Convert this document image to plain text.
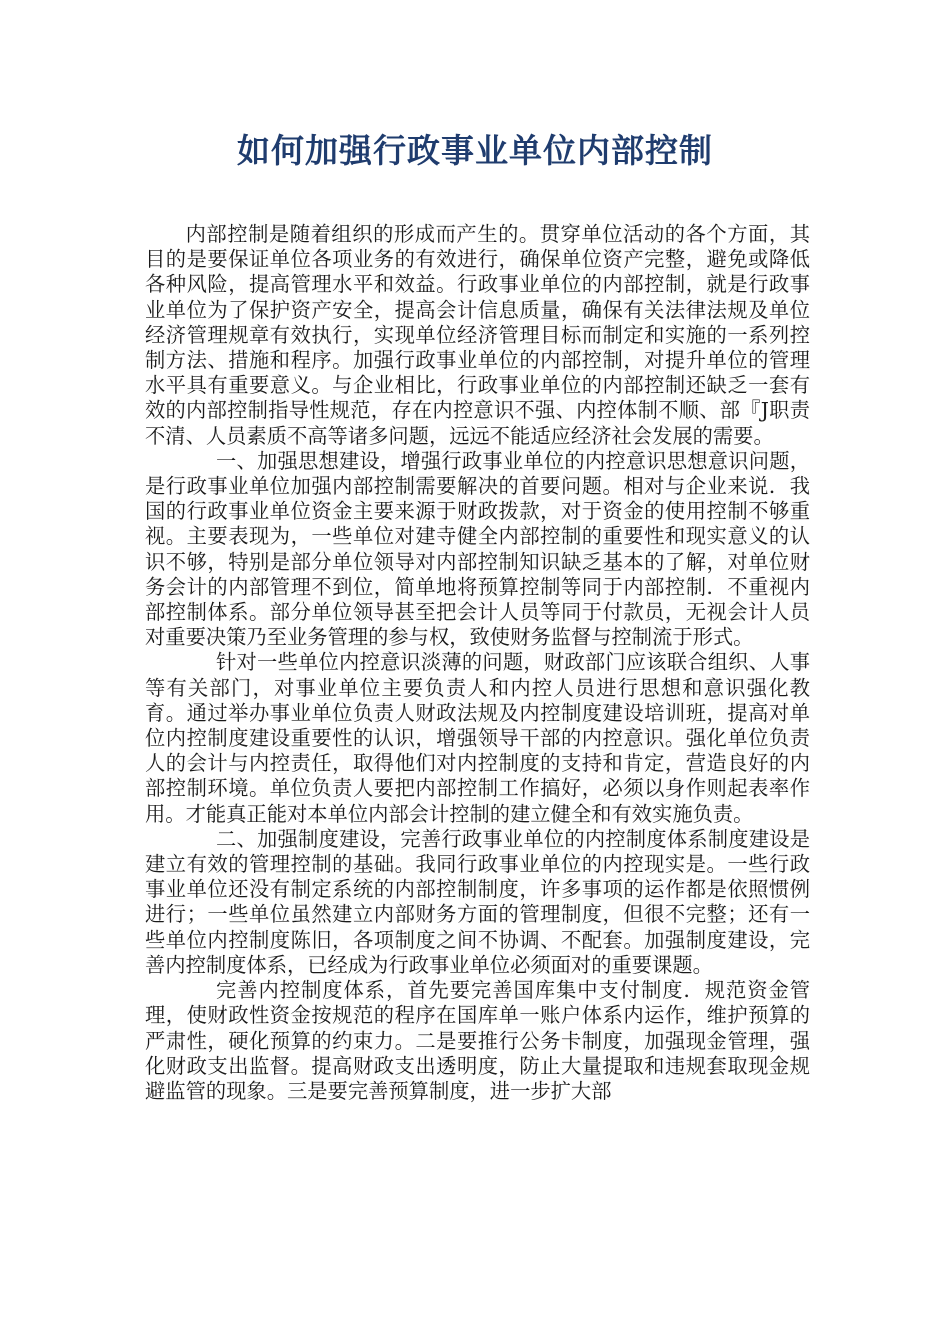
如何加强行政事业单位内部控制

内部控制是随着组织的形成而产生的。贯穿单位活动的各个方面，其目的是要保证单位各项业务的有效进行，确保单位资产完整，避免或降低各种风险，提高管理水平和效益。行政事业单位的内部控制，就是行政事业单位为了保护资产安全，提高会计信息质量，确保有关法律法规及单位经济管理规章有效执行，实现单位经济管理目标而制定和实施的一系列控制方法、措施和程序。加强行政事业单位的内部控制，对提升单位的管理水平具有重要意义。与企业相比，行政事业单位的内部控制还缺乏一套有效的内部控制指导性规范，存在内控意识不强、内控体制不顺、部『J职责不清、人员素质不高等诸多问题，远远不能适应经济社会发展的需要。

一、加强思想建设，增强行政事业单位的内控意识思想意识问题，是行政事业单位加强内部控制需要解决的首要问题。相对与企业来说．我国的行政事业单位资金主要来源于财政拨款，对于资金的使用控制不够重视。主要表现为，一些单位对建寺健全内部控制的重要性和现实意义的认识不够，特别是部分单位领导对内部控制知识缺乏基本的了解，对单位财务会计的内部管理不到位，简单地将预算控制等同于内部控制．不重视内部控制体系。部分单位领导甚至把会计人员等同于付款员，无视会计人员对重要决策乃至业务管理的参与权，致使财务监督与控制流于形式。

针对一些单位内控意识淡薄的问题，财政部门应该联合组织、人事等有关部门，对事业单位主要负责人和内控人员进行思想和意识强化教育。通过举办事业单位负责人财政法规及内控制度建设培训班，提高对单位内控制度建设重要性的认识，增强领导干部的内控意识。强化单位负责人的会计与内控责任，取得他们对内控制度的支持和肯定，营造良好的内部控制环境。单位负责人要把内部控制工作搞好，必须以身作则起表率作用。才能真正能对本单位内部会计控制的建立健全和有效实施负责。

二、加强制度建设，完善行政事业单位的内控制度体系制度建设是建立有效的管理控制的基础。我同行政事业单位的内控现实是。一些行政事业单位还没有制定系统的内部控制制度，许多事项的运作都是依照惯例进行；一些单位虽然建立内部财务方面的管理制度，但很不完整；还有一些单位内控制度陈旧，各项制度之间不协调、不配套。加强制度建设，完善内控制度体系，已经成为行政事业单位必须面对的重要课题。

完善内控制度体系，首先要完善国库集中支付制度．规范资金管理，使财政性资金按规范的程序在国库单一账户体系内运作，维护预算的严肃性，硬化预算的约束力。二是要推行公务卡制度，加强现金管理，强化财政支出监督。提高财政支出透明度，防止大量提取和违规套取现金规避监管的现象。三是要完善预算制度，进一步扩大部
